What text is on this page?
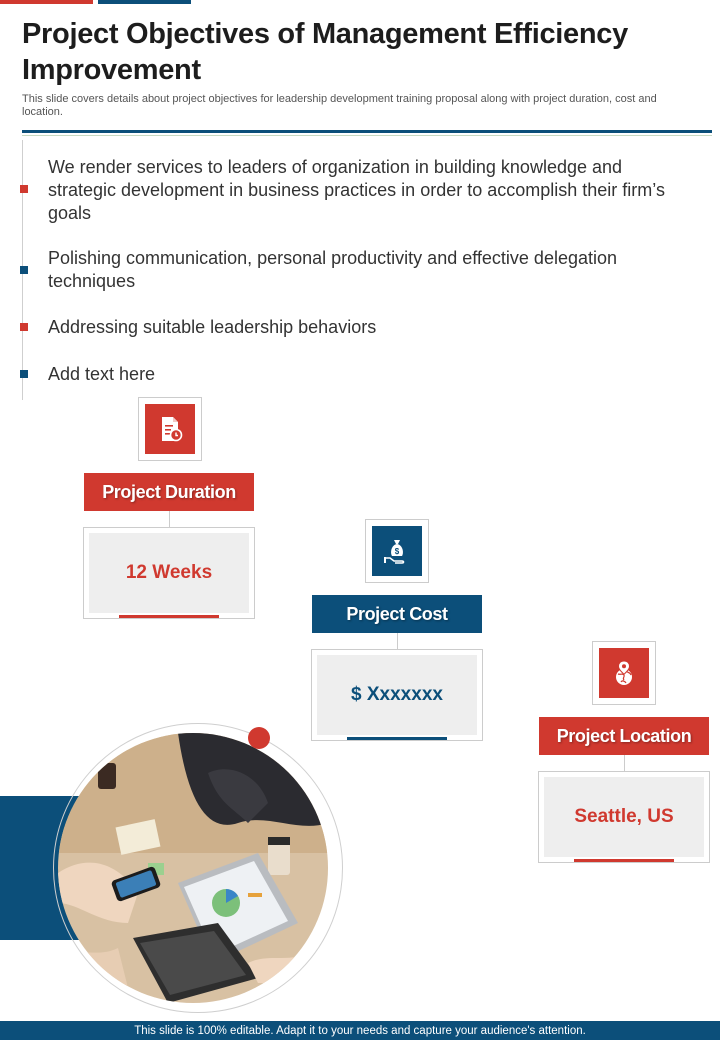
Project Objectives of Management Efficiency Improvement

This slide covers details about project objectives for leadership development training proposal along with project duration, cost and location.

We render services to leaders of organization in building knowledge and strategic development in business practices in order to accomplish their firm’s goals
Polishing communication, personal productivity and effective delegation techniques
Addressing suitable leadership behaviors
Add text here
Project Duration
12 Weeks
$
Project Cost
$ Xxxxxxx
Project Location
Seattle, US
This slide is 100% editable. Adapt it to your needs and capture your audience's attention.
